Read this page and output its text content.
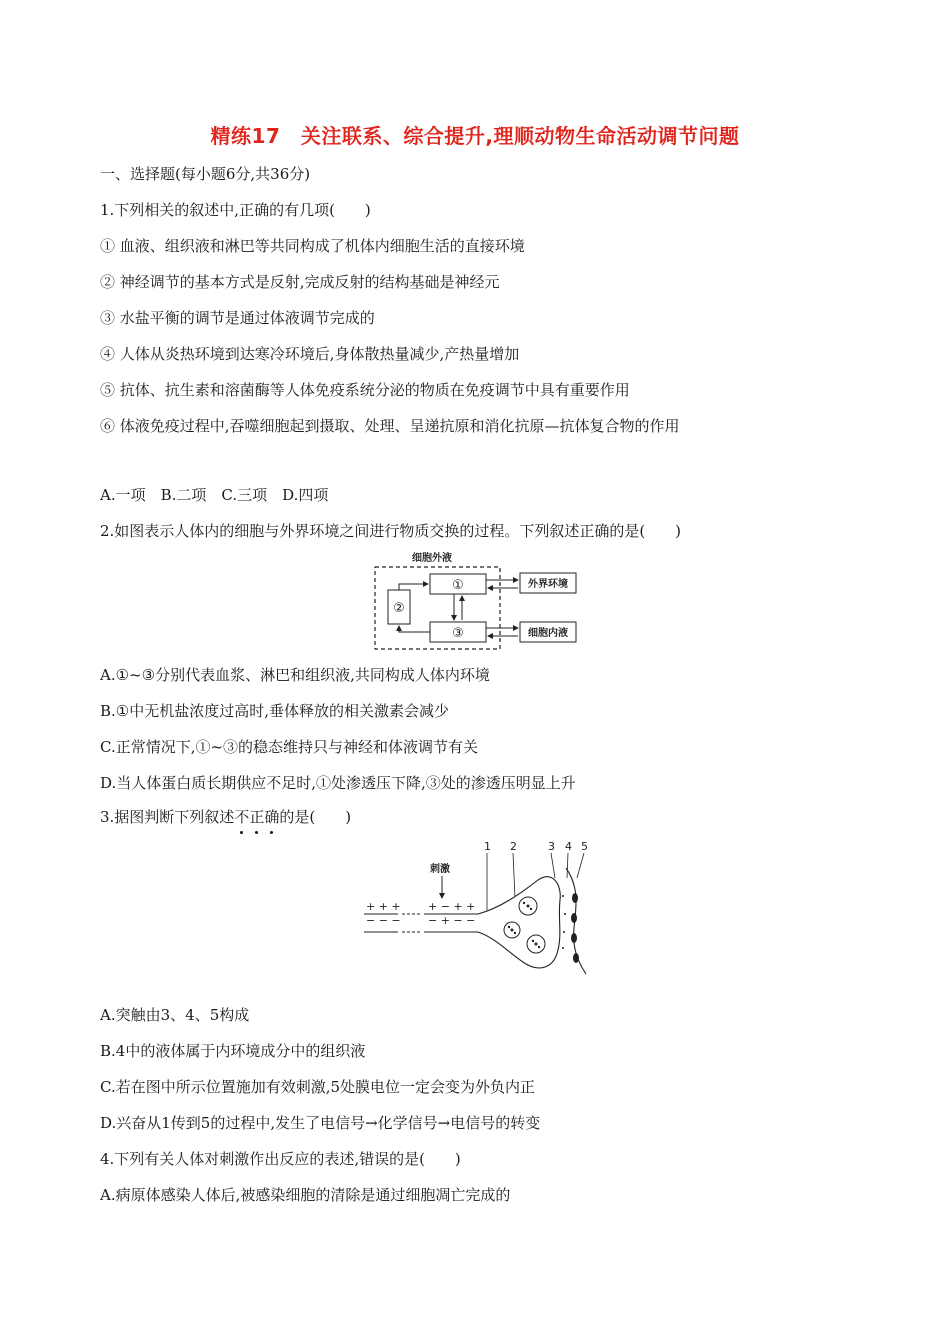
精练17　关注联系、综合提升,理顺动物生命活动调节问题
一、选择题(每小题6分,共36分)
1.下列相关的叙述中,正确的有几项(　　)
① 血液、组织液和淋巴等共同构成了机体内细胞生活的直接环境
② 神经调节的基本方式是反射,完成反射的结构基础是神经元
③ 水盐平衡的调节是通过体液调节完成的
④ 人体从炎热环境到达寒冷环境后,身体散热量减少,产热量增加
⑤ 抗体、抗生素和溶菌酶等人体免疫系统分泌的物质在免疫调节中具有重要作用
⑥ 体液免疫过程中,吞噬细胞起到摄取、处理、呈递抗原和消化抗原—抗体复合物的作用
A.一项　B.二项　C.三项　D.四项
2.如图表示人体内的细胞与外界环境之间进行物质交换的过程。下列叙述正确的是(　　)
细胞外液
①
②
③
外界环境
细胞内液
A.①~③分别代表血浆、淋巴和组织液,共同构成人体内环境
B.①中无机盐浓度过高时,垂体释放的相关激素会减少
C.正常情况下,①~③的稳态维持只与神经和体液调节有关
D.当人体蛋白质长期供应不足时,①处渗透压下降,③处的渗透压明显上升
3.据图判断下列叙述不正确的是(　　)
1 2	3 4 5
刺激
+ + +
− − −
+ − + +
− + − −
A.突触由3、4、5构成
B.4中的液体属于内环境成分中的组织液
C.若在图中所示位置施加有效刺激,5处膜电位一定会变为外负内正
D.兴奋从1传到5的过程中,发生了电信号→化学信号→电信号的转变
4.下列有关人体对刺激作出反应的表述,错误的是(　　)
A.病原体感染人体后,被感染细胞的清除是通过细胞凋亡完成的
